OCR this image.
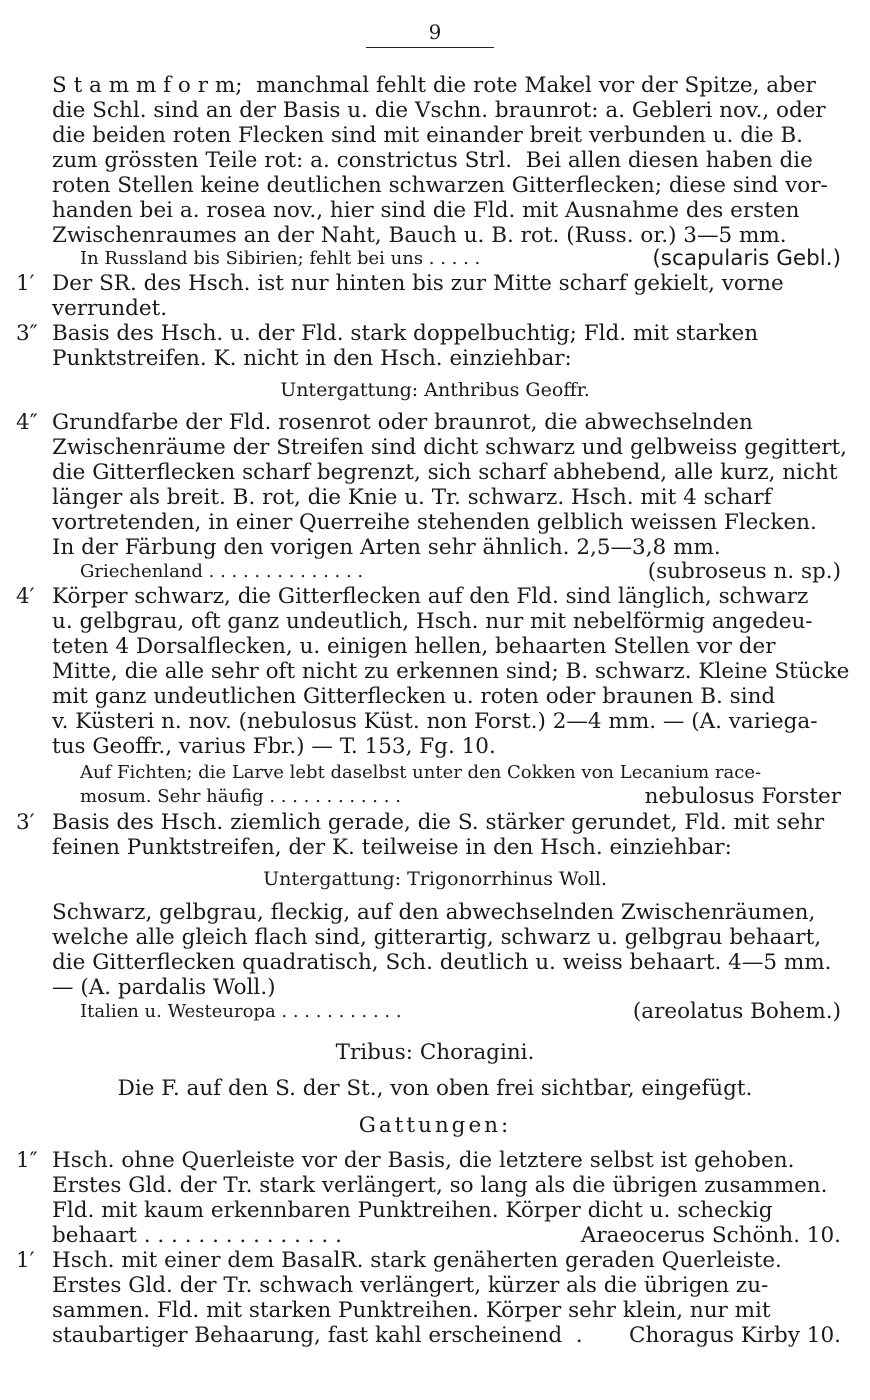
9
S t a m m f o r m;  manchmal fehlt die rote Makel vor der Spitze, aber
die Schl. sind an der Basis u. die Vschn. braunrot: a. Gebleri nov., oder
die beiden roten Flecken sind mit einander breit verbunden u. die B.
zum grössten Teile rot: a. constrictus Strl.  Bei allen diesen haben die
roten Stellen keine deutlichen schwarzen Gitterflecken; diese sind vor-
handen bei a. rosea nov., hier sind die Fld. mit Ausnahme des ersten
Zwischenraumes an der Naht, Bauch u. B. rot. (Russ. or.) 3—5 mm.
In Russland bis Sibirien; fehlt bei uns . . . . .	(scapularis Gebl.)
1′ Der SR. des Hsch. ist nur hinten bis zur Mitte scharf gekielt, vorne
verrundet.
3″ Basis des Hsch. u. der Fld. stark doppelbuchtig; Fld. mit starken
Punktstreifen. K. nicht in den Hsch. einziehbar:
Untergattung: Anthribus Geoffr.
4″ Grundfarbe der Fld. rosenrot oder braunrot, die abwechselnden
Zwischenräume der Streifen sind dicht schwarz und gelbweiss gegittert,
die Gitterflecken scharf begrenzt, sich scharf abhebend, alle kurz, nicht
länger als breit. B. rot, die Knie u. Tr. schwarz. Hsch. mit 4 scharf
vortretenden, in einer Querreihe stehenden gelblich weissen Flecken.
In der Färbung den vorigen Arten sehr ähnlich. 2,5—3,8 mm.
Griechenland . . . . . . . . . . . . . .	(subroseus n. sp.)
4′ Körper schwarz, die Gitterflecken auf den Fld. sind länglich, schwarz
u. gelbgrau, oft ganz undeutlich, Hsch. nur mit nebelförmig angedeu-
teten 4 Dorsalflecken, u. einigen hellen, behaarten Stellen vor der
Mitte, die alle sehr oft nicht zu erkennen sind; B. schwarz. Kleine Stücke
mit ganz undeutlichen Gitterflecken u. roten oder braunen B. sind
v. Küsteri n. nov. (nebulosus Küst. non Forst.) 2—4 mm. — (A. variega-
tus Geoffr., varius Fbr.) — T. 153, Fg. 10.
Auf Fichten; die Larve lebt daselbst unter den Cokken von Lecanium race-
mosum. Sehr häufig . . . . . . . . . . . .	nebulosus Forster
3′ Basis des Hsch. ziemlich gerade, die S. stärker gerundet, Fld. mit sehr
feinen Punktstreifen, der K. teilweise in den Hsch. einziehbar:
Untergattung: Trigonorrhinus Woll.
Schwarz, gelbgrau, fleckig, auf den abwechselnden Zwischenräumen,
welche alle gleich flach sind, gitterartig, schwarz u. gelbgrau behaart,
die Gitterflecken quadratisch, Sch. deutlich u. weiss behaart. 4—5 mm.
— (A. pardalis Woll.)
Italien u. Westeuropa . . . . . . . . . . .	(areolatus Bohem.)
Tribus: Choragini.
Die F. auf den S. der St., von oben frei sichtbar, eingefügt.
Gattungen:
1″ Hsch. ohne Querleiste vor der Basis, die letztere selbst ist gehoben.
Erstes Gld. der Tr. stark verlängert, so lang als die übrigen zusammen.
Fld. mit kaum erkennbaren Punktreihen. Körper dicht u. scheckig
behaart . . . . . . . . . . . . . . .	Araeocerus Schönh. 10.
1′ Hsch. mit einer dem BasalR. stark genäherten geraden Querleiste.
Erstes Gld. der Tr. schwach verlängert, kürzer als die übrigen zu-
sammen. Fld. mit starken Punktreihen. Körper sehr klein, nur mit
staubartiger Behaarung, fast kahl erscheinend  . Choragus Kirby 10.
